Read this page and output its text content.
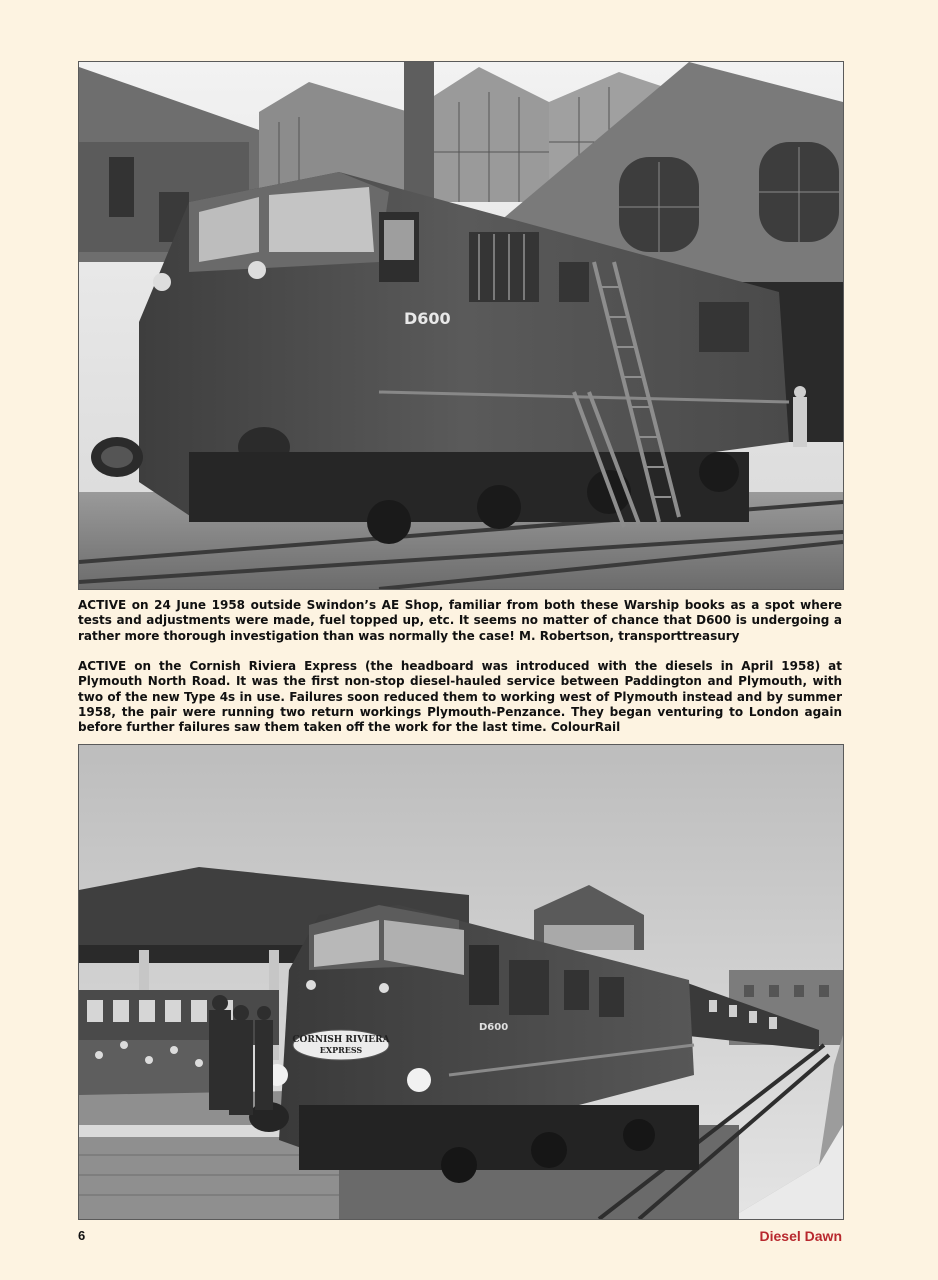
D600

ACTIVE on 24 June 1958 outside Swindon’s AE Shop, familiar from both these Warship books as a spot where tests and adjustments were made, fuel topped up, etc. It seems no matter of chance that D600 is undergoing a rather more thorough investigation than was normally the case! M. Robertson, transporttreasury

ACTIVE on the Cornish Riviera Express (the headboard was introduced with the diesels in April 1958) at Plymouth North Road. It was the first non-stop diesel-hauled service between Paddington and Plymouth, with two of the new Type 4s in use. Failures soon reduced them to working west of Plymouth instead and by summer 1958, the pair were running two return workings Plymouth-Penzance. They began venturing to London again before further failures saw them taken off the work for the last time. ColourRail

CORNISH RIVIERA
EXPRESS
D600
6	Diesel Dawn
